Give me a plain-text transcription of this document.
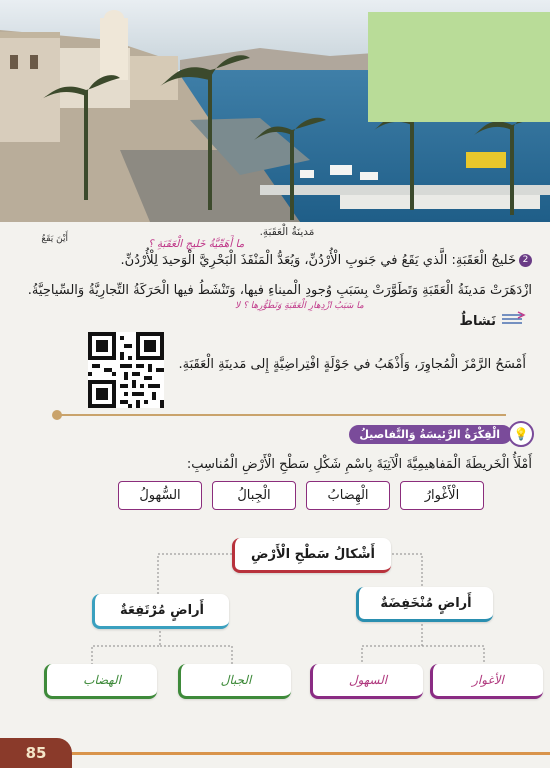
مَدينَةُ الْعَقَبَةِ.
أَيْنَ يَقَعُ	ما أَهَمِّيَّةُ خَليجِ الْعَقَبَةِ ؟
2خَليجُ الْعَقَبَةِ: الَّذي يَقَعُ في جَنوبِ الْأُرْدُنِّ، وَيُعَدُّ الْمَنْفَذَ الْبَحْرِيَّ الْوَحيدَ لِلْأُرْدُنِّ.
ازْدَهَرَتْ مَدينَةُ الْعَقَبَةِ وَتَطَوَّرَتْ بِسَبَبِ وُجودِ الْميناءِ فيها، وَتَنْشَطُ فيها الْحَرَكَةُ التِّجارِيَّةُ وَالسِّياحِيَّةُ.
ما سَبَبُ ازْدِهارِ الْعَقَبَةِ وَتَطَوُّرِها ؟ لا
نَشاطٌ
أَمْسَحُ الرَّمْزَ الْمُجاوِرَ، وَأَذْهَبُ في جَوْلَةٍ افْتِراضِيَّةٍ إِلى مَدينَةِ الْعَقَبَةِ.
💡
الْفِكْرَةُ الرَّئيسَةُ وَالتَّفاصيلُ
أَمْلَأُ الْخَريطَةَ الْمَفاهيمِيَّةَ الْآتِيَةَ بِاسْمِ شَكْلِ سَطْحِ الْأَرْضِ الْمُناسِبِ:
الْأَغْوارُ
الْهِضابُ
الْجِبالُ
السُّهولُ
أَشْكالُ سَطْحِ الْأَرْضِ
أَراضٍ مُنْخَفِضَةٌ
أَراضٍ مُرْتَفِعَةٌ
الأغوار
السهول
الجبال
الهضاب
85
